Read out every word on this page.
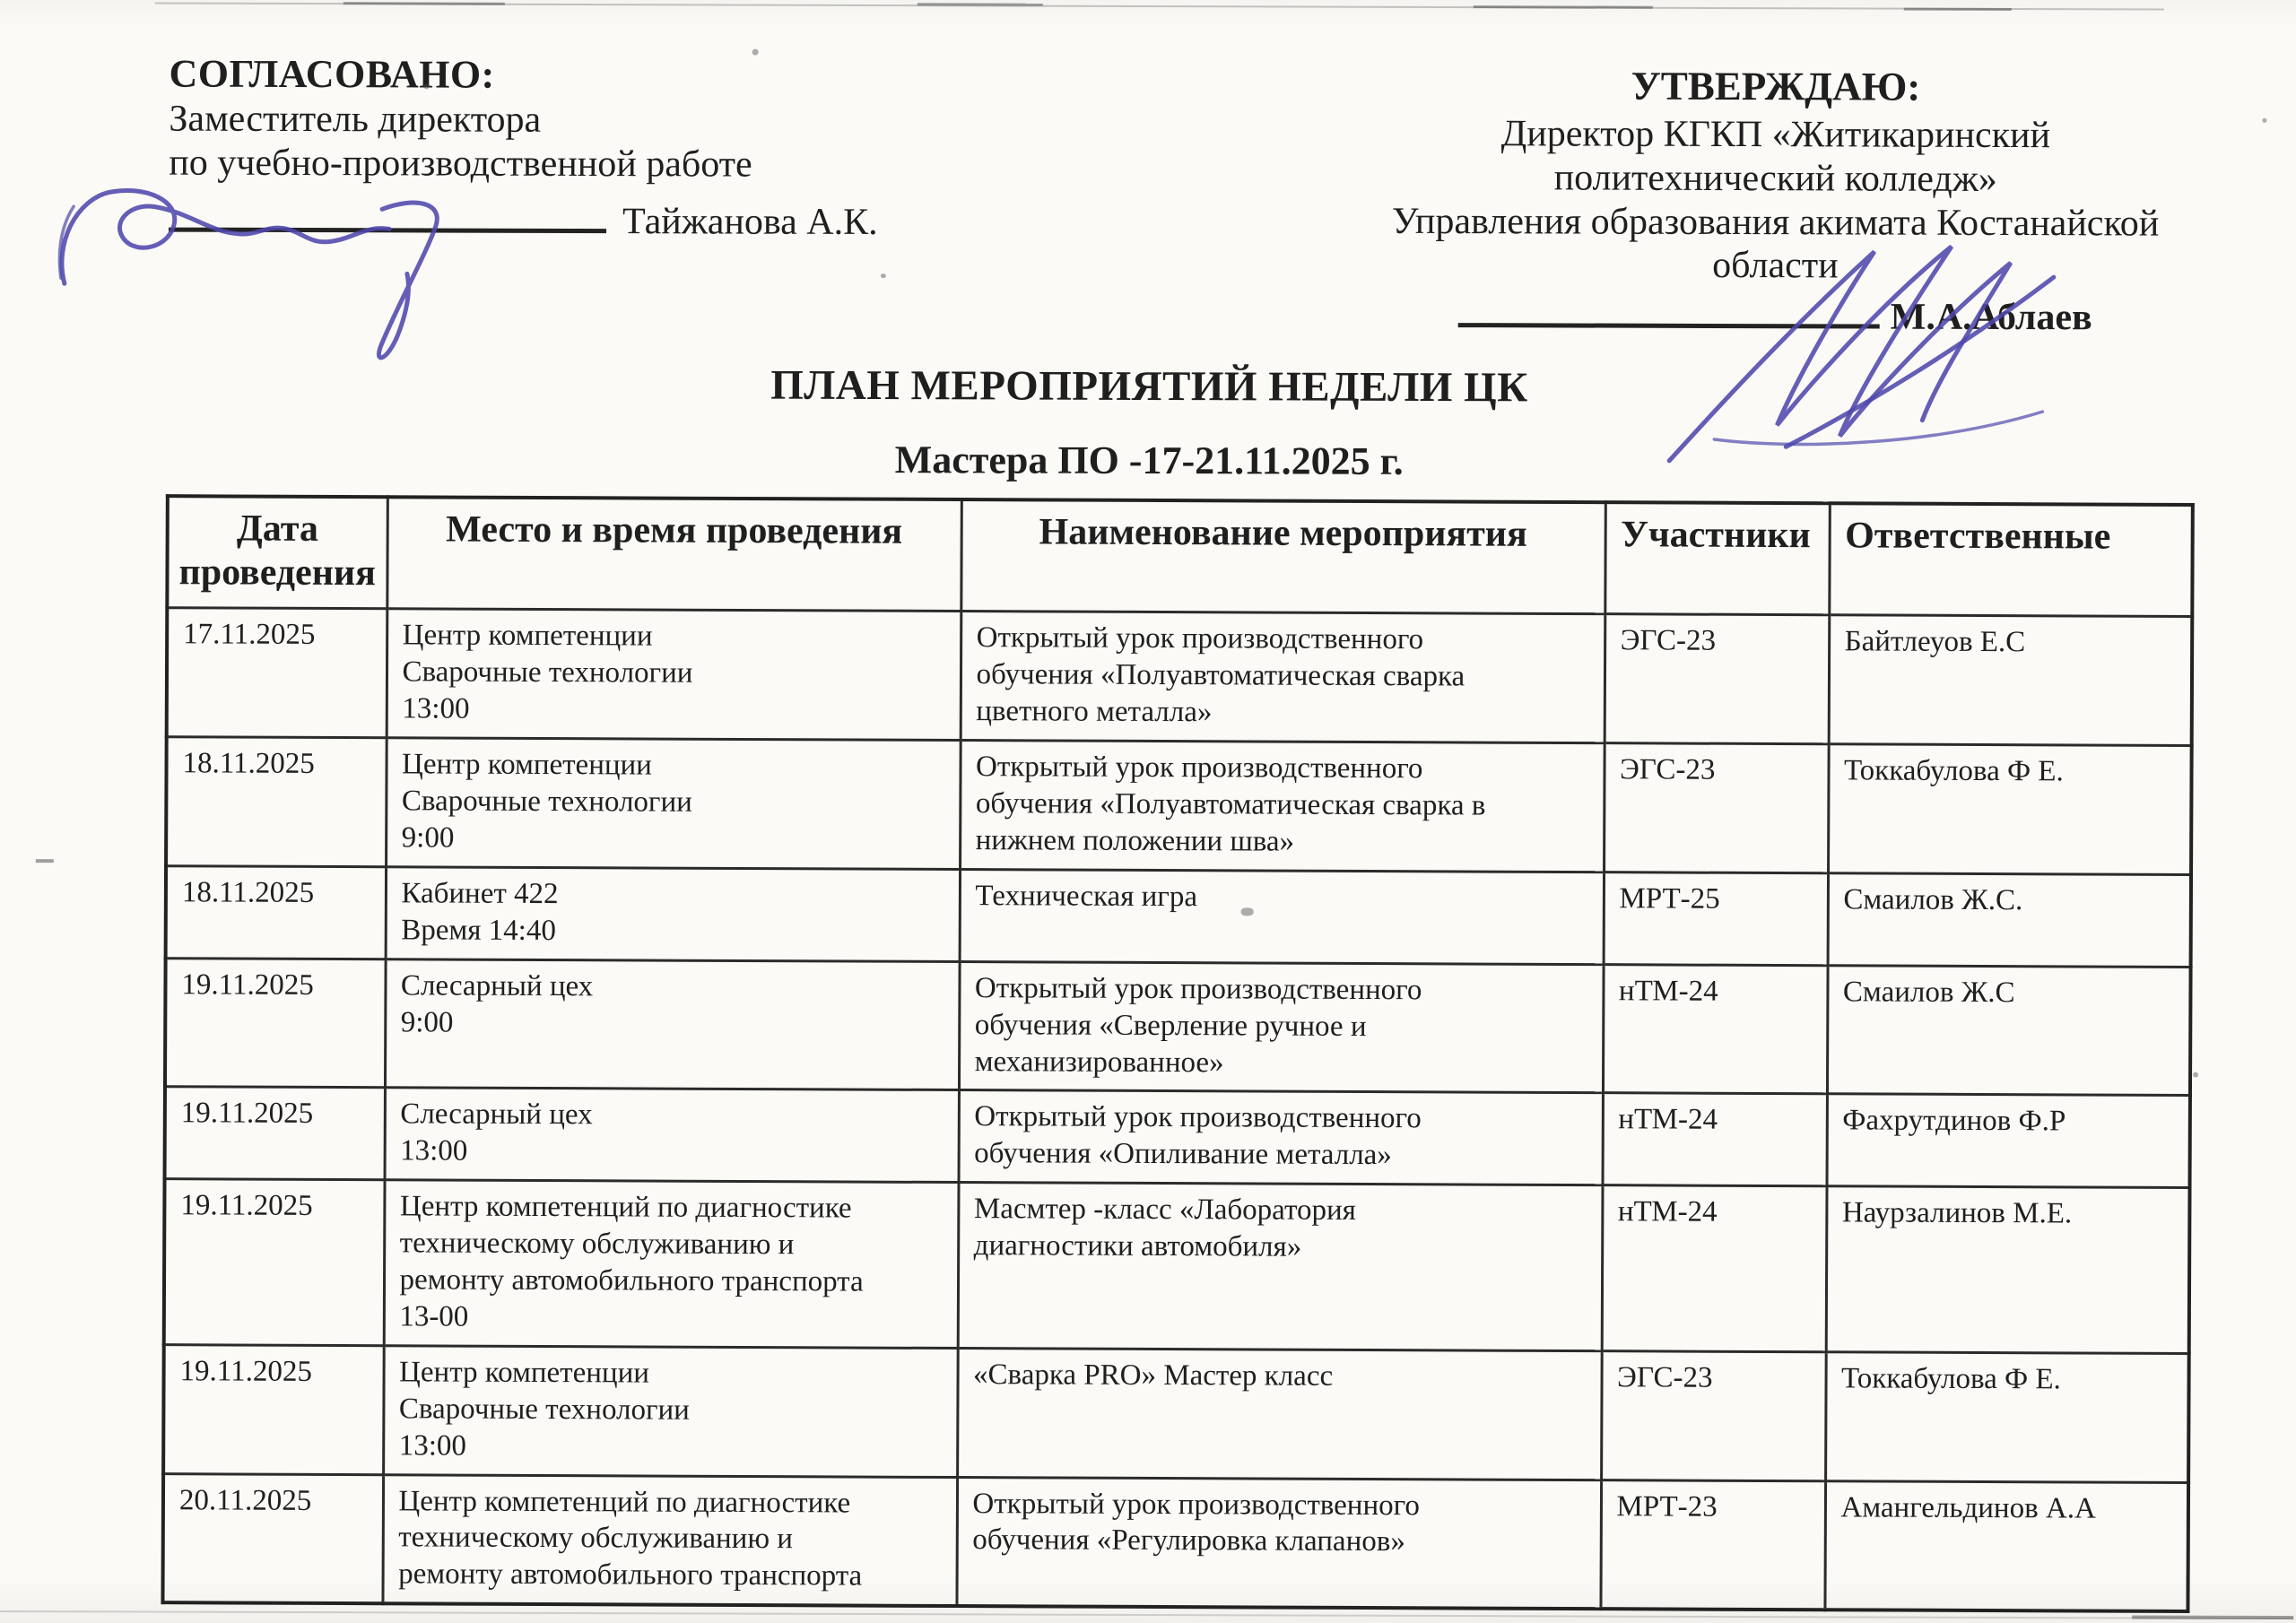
СОГЛАСОВАНО:
Заместитель директора
по учебно-производственной работе
Тайжанова А.К.
УТВЕРЖДАЮ:
Директор КГКП «Житикаринский
политехнический колледж»
Управления образования акимата Костанайской
области
М.А.Аблаев
ПЛАН МЕРОПРИЯТИЙ НЕДЕЛИ ЦК
Мастера ПО -17-21.11.2025 г.
Дата проведения	Место и время проведения	Наименование мероприятия	Участники	Ответственные
17.11.2025	Центр компетенции
Сварочные технологии
13:00	Открытый урок производственного
обучения «Полуавтоматическая сварка
цветного металла»	ЭГС-23	Байтлеуов Е.С
18.11.2025	Центр компетенции
Сварочные технологии
9:00	Открытый урок производственного
обучения «Полуавтоматическая сварка в
нижнем положении шва»	ЭГС-23	Токкабулова Ф Е.
18.11.2025	Кабинет 422
Время 14:40	Техническая игра	МРТ-25	Смаилов Ж.С.
19.11.2025	Слесарный цех
9:00	Открытый урок производственного
обучения «Сверление ручное и
механизированное»	нТМ-24	Смаилов Ж.С
19.11.2025	Слесарный цех
13:00	Открытый урок производственного
обучения «Опиливание металла»	нТМ-24	Фахрутдинов Ф.Р
19.11.2025	Центр компетенций по диагностике
техническому обслуживанию и
ремонту автомобильного транспорта
13-00	Масмтер -класс «Лаборатория
диагностики автомобиля»	нТМ-24	Наурзалинов М.Е.
19.11.2025	Центр компетенции
Сварочные технологии
13:00	«Сварка PRO» Мастер класс	ЭГС-23	Токкабулова Ф Е.
20.11.2025	Центр компетенций по диагностике
техническому обслуживанию и
ремонту автомобильного транспорта	Открытый урок производственного
обучения «Регулировка клапанов»	МРТ-23	Амангельдинов А.А
